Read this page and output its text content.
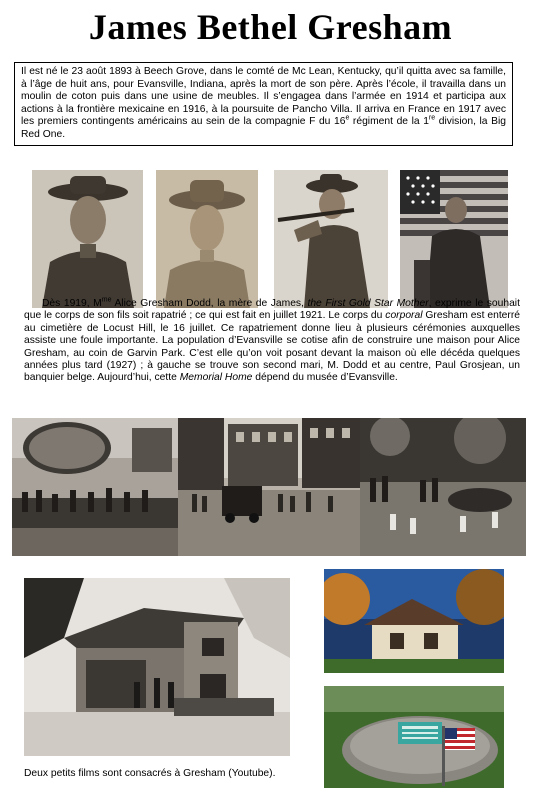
James Bethel Gresham
Il est né le 23 août 1893 à Beech Grove, dans le comté de Mc Lean, Kentucky, qu’il quitta avec sa famille, à l’âge de huit ans, pour Evansville, Indiana, après la mort de son père. Après l’école, il travailla dans un moulin de coton puis dans une usine de meubles. Il s’engagea dans l’armée en 1914 et participa aux actions à la frontière mexicaine en 1916, à la poursuite de Pancho Villa. Il arriva en France en 1917 avec les premiers contingents américains au sein de la compagnie F du 16e régiment de la 1re division, la Big Red One.
Dès 1919, $M^{me}$ Alice Gresham Dodd, la mère de James, the First Gold Star Mother, exprime le souhait que le corps de son fils soit rapatrié ; ce qui est fait en juillet 1921. Le corps du corporal Gresham est enterré au cimetière de Locust Hill, le 16 juillet. Ce rapatriement donne lieu à plusieurs cérémonies auxquelles assiste une foule importante. La population d’Evansville se cotise afin de construire une maison pour Alice Gresham, au coin de Garvin Park. C’est elle qu’on voit posant devant la maison où elle décéda quelques années plus tard (1927) ; à gauche se trouve son second mari, M. Dodd et au centre, Paul Grosjean, un banquier belge. Aujourd’hui, cette Memorial Home dépend du musée d’Evansville.
Deux petits films sont consacrés à Gresham (Youtube).
